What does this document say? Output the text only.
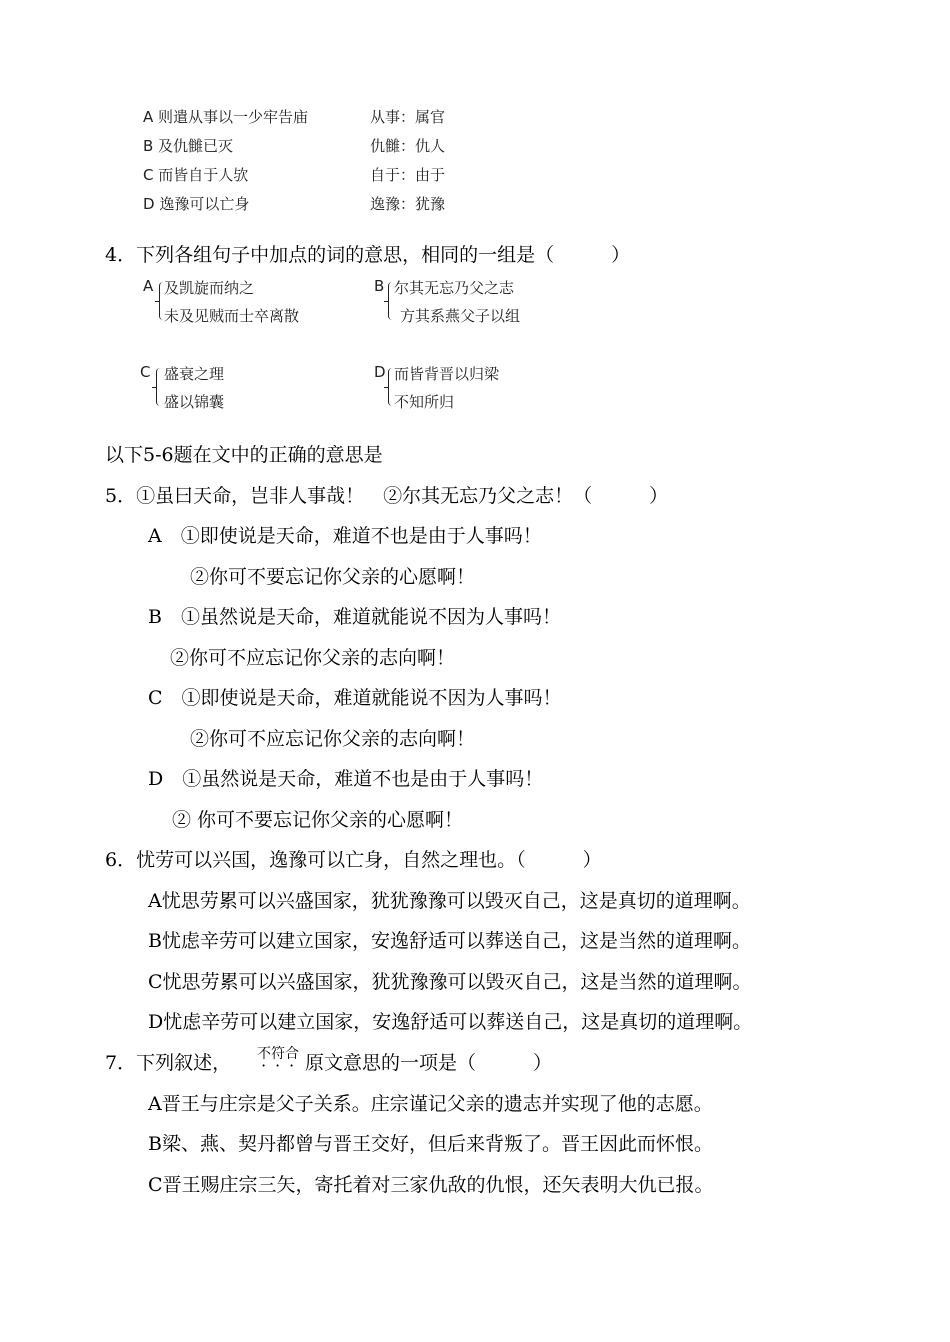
A 则遣从事以一少牢告庙	从事：属官
B 及仇雠已灭	仇雠：仇人
C 而皆自于人欤	自于：由于
D 逸豫可以亡身	逸豫：犹豫
4．下列各组句子中加点的词的意思，相同的一组是（　　　）
A 及凯旋而纳之
未及见贼而士卒离散
B 尔其无忘乃父之志
方其系燕父子以组
C 盛衰之理
盛以锦囊
D 而皆背晋以归梁
不知所归
以下5-6题在文中的正确的意思是
5．①虽曰天命，岂非人事哉！　②尔其无忘乃父之志！（　　　）
A　①即使说是天命，难道不也是由于人事吗！
②你可不要忘记你父亲的心愿啊！
B　①虽然说是天命，难道就能说不因为人事吗！
②你可不应忘记你父亲的志向啊！
C　①即使说是天命，难道就能说不因为人事吗！
②你可不应忘记你父亲的志向啊！
D　①虽然说是天命，难道不也是由于人事吗！
② 你可不要忘记你父亲的心愿啊！
6．忧劳可以兴国，逸豫可以亡身，自然之理也。（　　　）
A忧思劳累可以兴盛国家，犹犹豫豫可以毁灭自己，这是真切的道理啊。
B忧虑辛劳可以建立国家，安逸舒适可以葬送自己，这是当然的道理啊。
C忧思劳累可以兴盛国家，犹犹豫豫可以毁灭自己，这是当然的道理啊。
D忧虑辛劳可以建立国家，安逸舒适可以葬送自己，这是真切的道理啊。
7．下列叙述， 不符合 原文意思的一项是（　　　）
A晋王与庄宗是父子关系。庄宗谨记父亲的遗志并实现了他的志愿。
B梁、燕、契丹都曾与晋王交好，但后来背叛了。晋王因此而怀恨。
C晋王赐庄宗三矢，寄托着对三家仇敌的仇恨，还矢表明大仇已报。
